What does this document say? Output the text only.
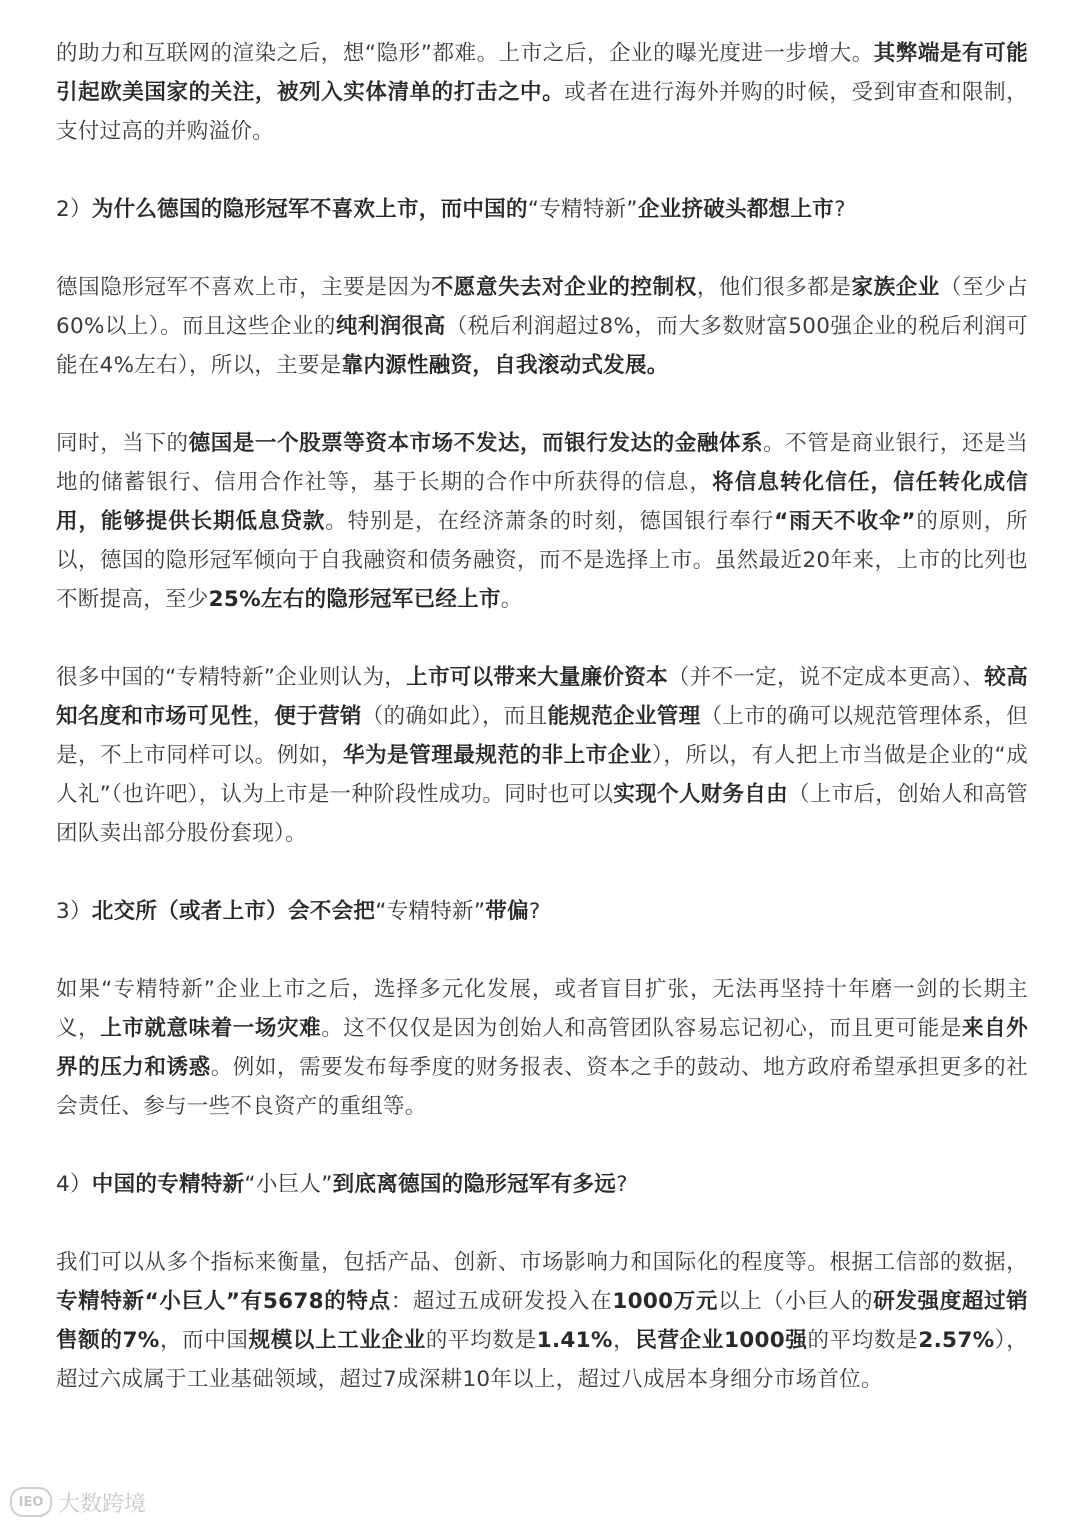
的助力和互联网的渲染之后，想“隐形”都难。上市之后，企业的曝光度进一步增大。其弊端是有可能引起欧美国家的关注，被列入实体清单的打击之中。或者在进行海外并购的时候，受到审查和限制，支付过高的并购溢价。

2）为什么德国的隐形冠军不喜欢上市，而中国的“专精特新”企业挤破头都想上市?

德国隐形冠军不喜欢上市，主要是因为不愿意失去对企业的控制权，他们很多都是家族企业（至少占60%以上）。而且这些企业的纯利润很高（税后利润超过8%，而大多数财富500强企业的税后利润可能在4%左右），所以，主要是靠内源性融资，自我滚动式发展。

同时，当下的德国是一个股票等资本市场不发达，而银行发达的金融体系。不管是商业银行，还是当地的储蓄银行、信用合作社等，基于长期的合作中所获得的信息，将信息转化信任，信任转化成信用，能够提供长期低息贷款。特别是，在经济萧条的时刻，德国银行奉行“雨天不收伞”的原则，所以，德国的隐形冠军倾向于自我融资和债务融资，而不是选择上市。虽然最近20年来，上市的比列也不断提高，至少25%左右的隐形冠军已经上市。

很多中国的“专精特新”企业则认为，上市可以带来大量廉价资本（并不一定，说不定成本更高）、较高知名度和市场可见性，便于营销（的确如此），而且能规范企业管理（上市的确可以规范管理体系，但是，不上市同样可以。例如，华为是管理最规范的非上市企业），所以，有人把上市当做是企业的“成人礼”（也许吧），认为上市是一种阶段性成功。同时也可以实现个人财务自由（上市后，创始人和高管团队卖出部分股份套现）。

3）北交所（或者上市）会不会把“专精特新”带偏?

如果“专精特新”企业上市之后，选择多元化发展，或者盲目扩张，无法再坚持十年磨一剑的长期主义，上市就意味着一场灾难。这不仅仅是因为创始人和高管团队容易忘记初心，而且更可能是来自外界的压力和诱惑。例如，需要发布每季度的财务报表、资本之手的鼓动、地方政府希望承担更多的社会责任、参与一些不良资产的重组等。

4）中国的专精特新“小巨人”到底离德国的隐形冠军有多远?

我们可以从多个指标来衡量，包括产品、创新、市场影响力和国际化的程度等。根据工信部的数据，专精特新“小巨人”有5678的特点：超过五成研发投入在1000万元以上（小巨人的研发强度超过销售额的7%，而中国规模以上工业企业的平均数是1.41%，民营企业1000强的平均数是2.57%），超过六成属于工业基础领域，超过7成深耕10年以上，超过八成居本身细分市场首位。

IEO 大数跨境
